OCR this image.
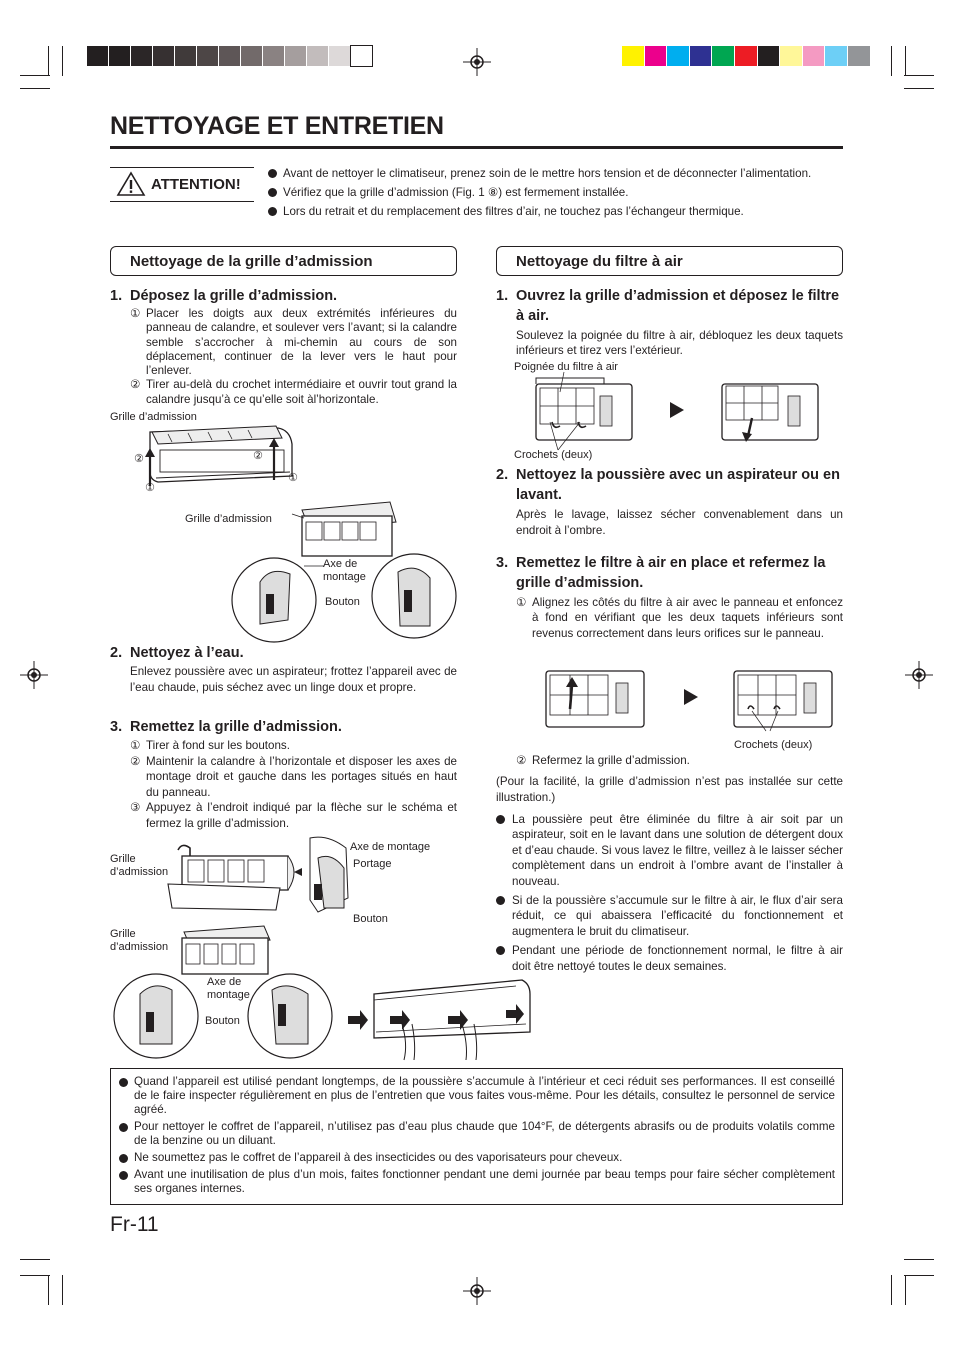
NETTOYAGE ET ENTRETIEN
ATTENTION!
Avant de nettoyer le climatiseur, prenez soin de le mettre hors tension et de déconnecter l’alimentation.
Vérifiez que la grille d’admission (Fig. 1 ⑧) est fermement installée.
Lors du retrait et du remplacement des filtres d’air, ne touchez pas l’échangeur thermique.
Nettoyage de la grille d’admission	Nettoyage du filtre à air
1. Déposez la grille d’admission.
① Placer les doigts aux deux extrémités inférieures du panneau de calandre, et soulever vers l’avant; si la calandre semble s’accrocher à mi-chemin au cours de son déplacement, continuer de la lever vers le haut pour l’enlever.
② Tirer au-delà du crochet intermédiaire et ouvrir tout grand la calandre jusqu’à ce qu’elle soit àl’horizontale.
Grille d’admission
②
①
②
①
Grille d’admission
Axe de montage
Bouton
2. Nettoyez à l’eau.
Enlevez poussière avec un aspirateur; frottez l’appareil avec de l’eau chaude, puis séchez avec un linge doux et propre.
3. Remettez la grille d’admission.
① Tirer à fond sur les boutons.
② Maintenir la calandre à l’horizontale et disposer les axes de montage droit et gauche dans les portages situés en haut du panneau.
③ Appuyez à l’endroit indiqué par la flèche sur le schéma et fermez la grille d’admission.
Grille d’admission
Axe de montage
Portage
Bouton
Grille d’admission
Axe de montage
Bouton
1. Ouvrez la grille d’admission et déposez le filtre à air.
Soulevez la poignée du filtre à air, débloquez les deux taquets inférieurs et tirez vers l’extérieur.
Poignée du filtre à air
Crochets (deux)
2. Nettoyez la poussière avec un aspirateur ou en lavant.
Après le lavage, laissez sécher convenablement dans un endroit à l’ombre.
3. Remettez le filtre à air en place et refermez la grille d’admission.
① Alignez les côtés du filtre à air avec le panneau et enfoncez à fond en vérifiant que les deux taquets inférieurs sont revenus correctement dans leurs orifices sur le panneau.
Crochets (deux)
② Refermez la grille d’admission.
(Pour la facilité, la grille d’admission n’est pas installée sur cette illustration.)
La poussière peut être éliminée du filtre à air soit par un aspirateur, soit en le lavant dans une solution de détergent doux et d’eau chaude. Si vous lavez le filtre, veillez à le laisser sécher complètement dans un endroit à l’ombre avant de l’installer à nouveau.
Si de la poussière s’accumule sur le filtre à air, le flux d’air sera réduit, ce qui abaissera l’efficacité du fonctionnement et augmentera le bruit du climatiseur.
Pendant une période de fonctionnement normal, le filtre à air doit être nettoyé toutes le deux semaines.
Quand l’appareil est utilisé pendant longtemps, de la poussière s’accumule à l’intérieur et ceci réduit ses performances. Il est conseillé de le faire inspecter régulièrement en plus de l’entretien que vous faites vous-même. Pour les détails, consultez le personnel de service agréé.
Pour nettoyer le coffret de l’appareil, n’utilisez pas d’eau plus chaude que 104°F, de détergents abrasifs ou de produits volatils comme de la benzine ou un diluant.
Ne soumettez pas le coffret de l’appareil à des insecticides ou des vaporisateurs pour cheveux.
Avant une inutilisation de plus d’un mois, faites fonctionner pendant une demi journée par beau temps pour faire sécher complètement ses organes internes.
Fr-11
